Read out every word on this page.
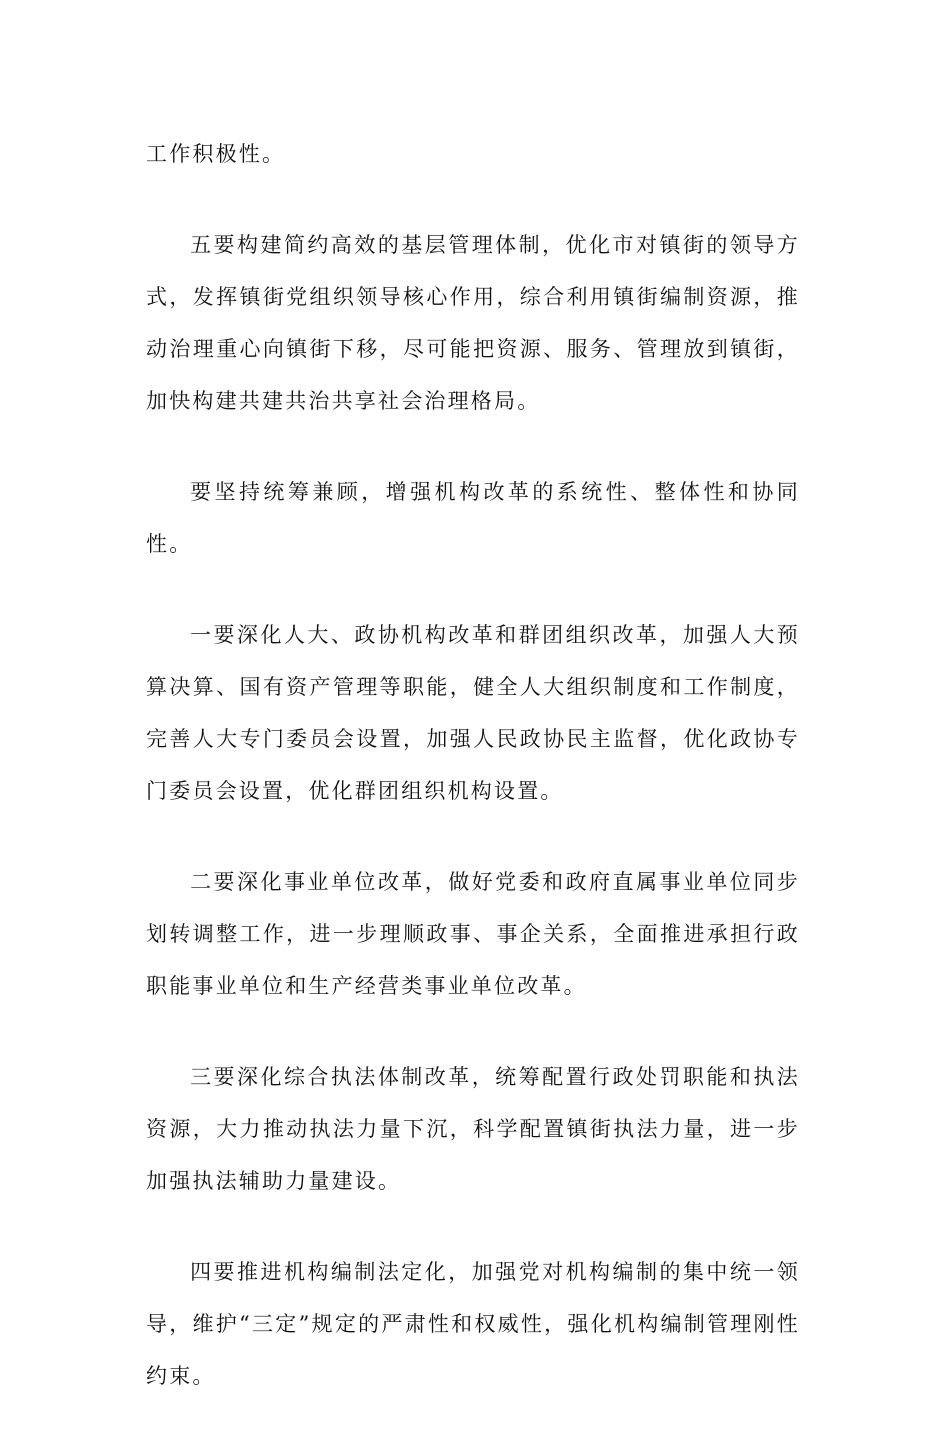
工作积极性。

五要构建简约高效的基层管理体制，优化市对镇街的领导方式，发挥镇街党组织领导核心作用，综合利用镇街编制资源，推动治理重心向镇街下移，尽可能把资源、服务、管理放到镇街，加快构建共建共治共享社会治理格局。

要坚持统筹兼顾，增强机构改革的系统性、整体性和协同性。

一要深化人大、政协机构改革和群团组织改革，加强人大预算决算、国有资产管理等职能，健全人大组织制度和工作制度，完善人大专门委员会设置，加强人民政协民主监督，优化政协专门委员会设置，优化群团组织机构设置。

二要深化事业单位改革，做好党委和政府直属事业单位同步划转调整工作，进一步理顺政事、事企关系，全面推进承担行政职能事业单位和生产经营类事业单位改革。

三要深化综合执法体制改革，统筹配置行政处罚职能和执法资源，大力推动执法力量下沉，科学配置镇街执法力量，进一步加强执法辅助力量建设。

四要推进机构编制法定化，加强党对机构编制的集中统一领导，维护“三定”规定的严肃性和权威性，强化机构编制管理刚性约束。
